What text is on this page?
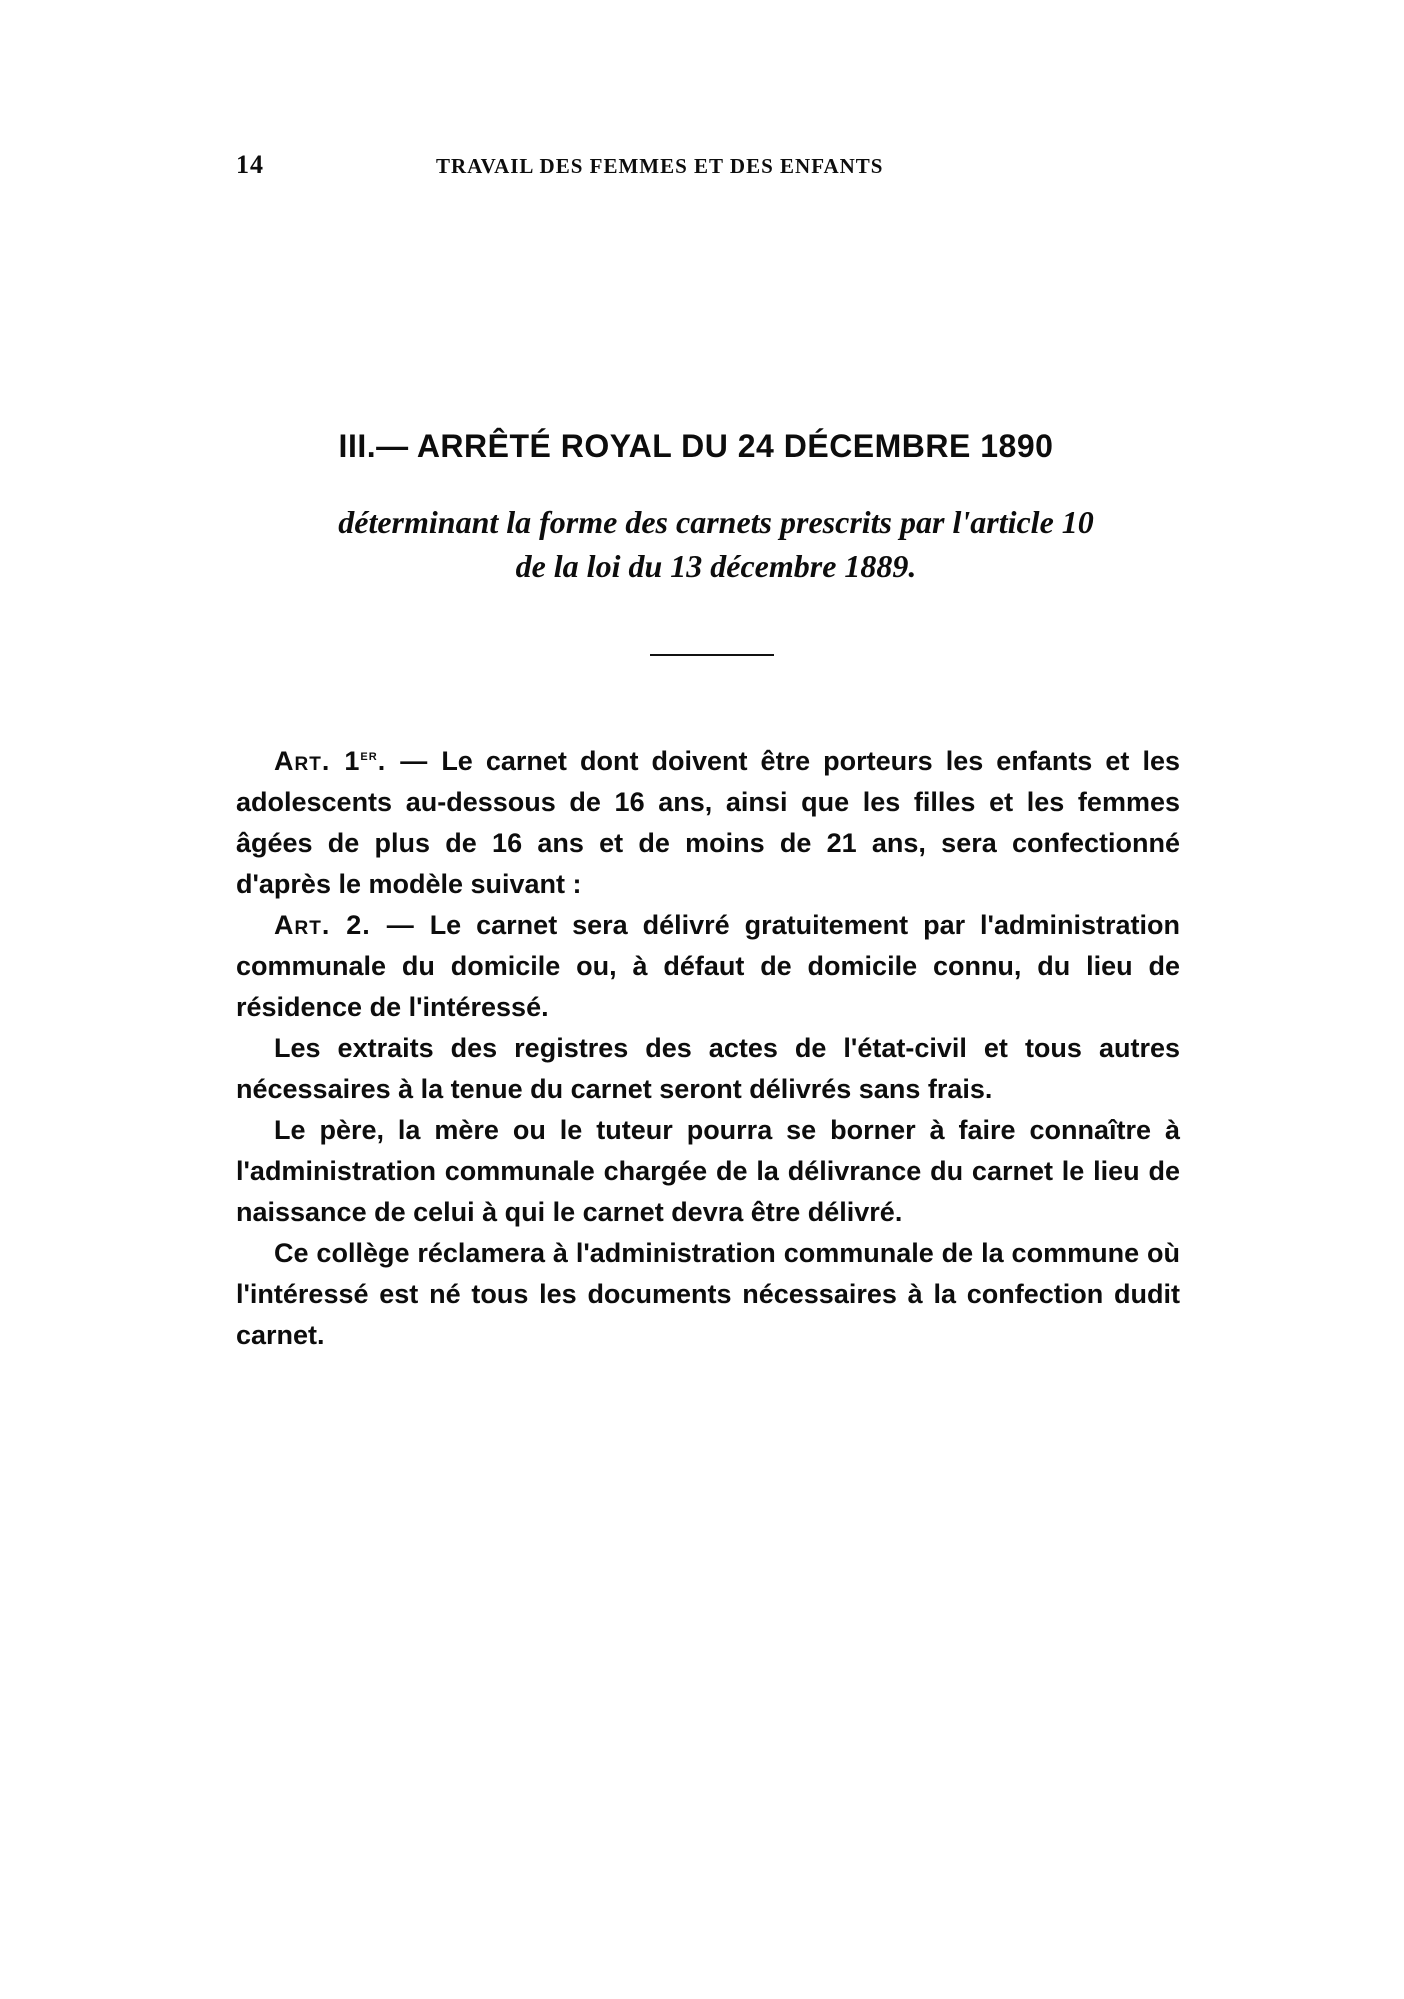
14	TRAVAIL DES FEMMES ET DES ENFANTS
III.— ARRÊTÉ ROYAL DU 24 DÉCEMBRE 1890
déterminant la forme des carnets prescrits par l'article 10
de la loi du 13 décembre 1889.

Art. 1er. — Le carnet dont doivent être porteurs les enfants et les adolescents au-dessous de 16 ans, ainsi que les filles et les femmes âgées de plus de 16 ans et de moins de 21 ans, sera confectionné d'après le modèle suivant :

Art. 2. — Le carnet sera délivré gratuitement par l'administration communale du domicile ou, à défaut de domicile connu, du lieu de résidence de l'intéressé.

Les extraits des registres des actes de l'état-civil et tous autres nécessaires à la tenue du carnet seront délivrés sans frais.

Le père, la mère ou le tuteur pourra se borner à faire connaître à l'administration communale chargée de la délivrance du carnet le lieu de naissance de celui à qui le carnet devra être délivré.

Ce collège réclamera à l'administration communale de la commune où l'intéressé est né tous les documents nécessaires à la confection dudit carnet.
